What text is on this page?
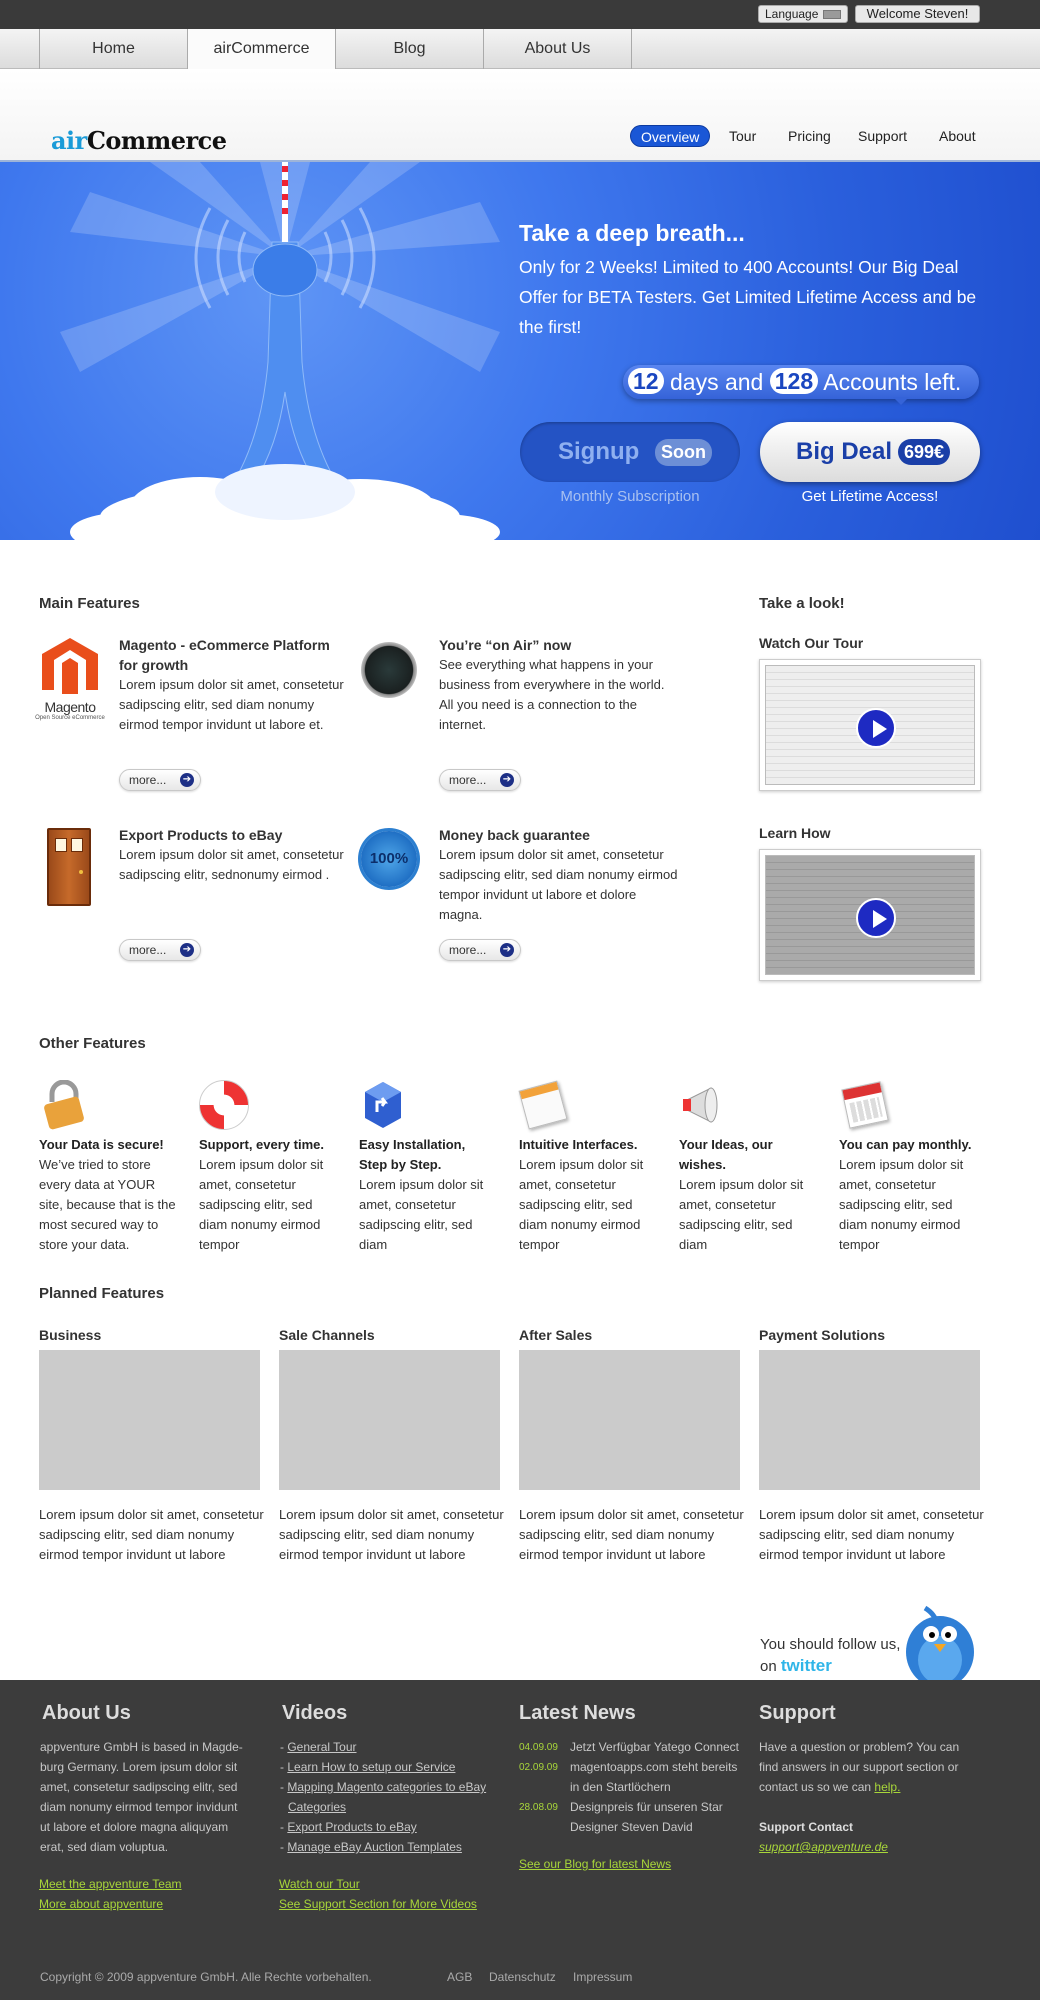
Language	Welcome Steven!
Home	airCommerce	Blog	About Us
airCommerce	Overview	Tour Pricing Support About
Take a deep breath...
Only for 2 Weeks! Limited to 400 Accounts! Our Big Deal Offer for BETA Testers. Get Limited Lifetime Access and be the first!
12 days and 128 Accounts left.
Signup	Soon	Big Deal 699€
Monthly Subscription	Get Lifetime Access!
Main Features
Magento
Open Source eCommerce
Magento - eCommerce Platform for growth
Lorem ipsum dolor sit amet, consetetur sadipscing elitr, sed diam nonumy eirmod tempor invidunt ut labore et.
more... ➔
You’re “on Air” now
See everything what happens in your business from everywhere in the world. All you need is a connection to the internet.
more... ➔
Export Products to eBay
Lorem ipsum dolor sit amet, consetetur sadipscing elitr, sednonumy eirmod .
more... ➔
100%
Money back guarantee
Lorem ipsum dolor sit amet, consetetur sadipscing elitr, sed diam nonumy eirmod tempor invidunt ut labore et dolore magna.
more... ➔
Take a look!
Watch Our Tour
Learn How
Other Features
Your Data is secure!
We’ve tried to store every data at YOUR site, because that is the most secured way to store your data.
Support, every time.
Lorem ipsum dolor sit amet, consetetur sadipscing elitr, sed diam nonumy eirmod tempor
Easy Installation, Step by Step.
Lorem ipsum dolor sit amet, consetetur sadipscing elitr, sed diam
Intuitive Interfaces.
Lorem ipsum dolor sit amet, consetetur sadipscing elitr, sed diam nonumy eirmod tempor
Your Ideas, our wishes.
Lorem ipsum dolor sit amet, consetetur sadipscing elitr, sed diam
You can pay monthly.
Lorem ipsum dolor sit amet, consetetur sadipscing elitr, sed diam nonumy eirmod tempor
Planned Features
Business
Lorem ipsum dolor sit amet, consetetur sadipscing elitr, sed diam nonumy eirmod tempor invidunt ut labore
Sale Channels
Lorem ipsum dolor sit amet, consetetur sadipscing elitr, sed diam nonumy eirmod tempor invidunt ut labore
After Sales
Lorem ipsum dolor sit amet, consetetur sadipscing elitr, sed diam nonumy eirmod tempor invidunt ut labore
Payment Solutions
Lorem ipsum dolor sit amet, consetetur sadipscing elitr, sed diam nonumy eirmod tempor invidunt ut labore
You should follow us,
on twitter
About Us
appventure GmbH is based in Magde-burg Germany. Lorem ipsum dolor sit amet, consetetur sadipscing elitr, sed diam nonumy eirmod tempor invidunt ut labore et dolore magna aliquyam erat, sed diam voluptua.
Meet the appventure Team
More about appventure
Videos
- General Tour
- Learn How to setup our Service
- Mapping Magento categories to eBay Categories
- Export Products to eBay
- Manage eBay Auction Templates
Watch our Tour
See Support Section for More Videos
Latest News
04.09.09 Jetzt Verfügbar Yatego Connect
02.09.09 magentoapps.com steht bereits in den Startlöchern
28.08.09 Designpreis für unseren Star Designer Steven David
See our Blog for latest News
Support
Have a question or problem? You can find answers in our support section or contact us so we can help.
Support Contact
support@appventure.de
Copyright © 2009 appventure GmbH. Alle Rechte vorbehalten.	AGB Datenschutz Impressum
